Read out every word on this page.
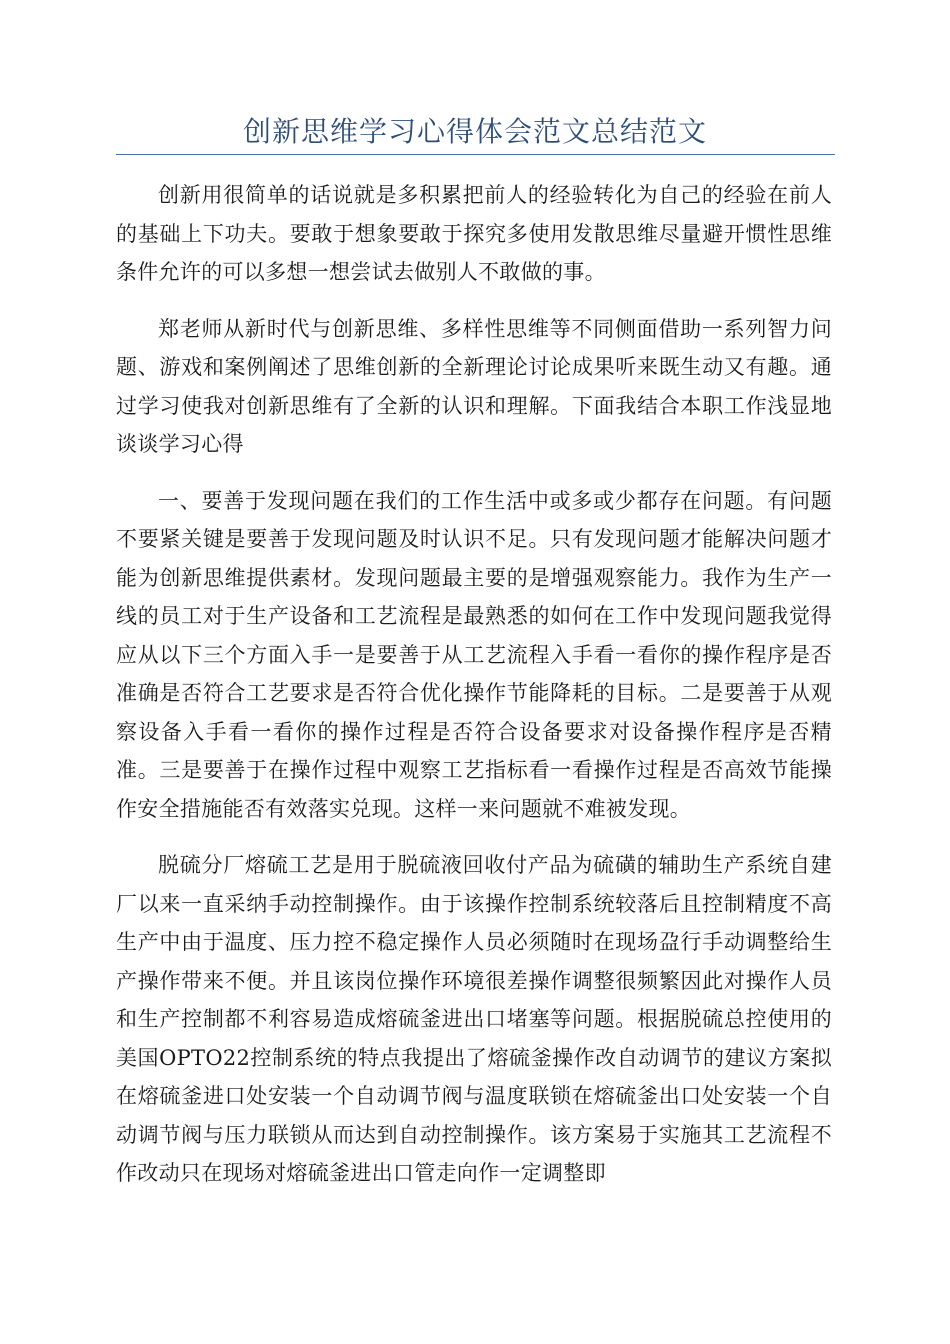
创新思维学习心得体会范文总结范文

创新用很简单的话说就是多积累把前人的经验转化为自己的经验在前人的基础上下功夫。要敢于想象要敢于探究多使用发散思维尽量避开惯性思维条件允许的可以多想一想尝试去做别人不敢做的事。

郑老师从新时代与创新思维、多样性思维等不同侧面借助一系列智力问题、游戏和案例阐述了思维创新的全新理论讨论成果听来既生动又有趣。通过学习使我对创新思维有了全新的认识和理解。下面我结合本职工作浅显地谈谈学习心得

一、要善于发现问题在我们的工作生活中或多或少都存在问题。有问题不要紧关键是要善于发现问题及时认识不足。只有发现问题才能解决问题才能为创新思维提供素材。发现问题最主要的是增强观察能力。我作为生产一线的员工对于生产设备和工艺流程是最熟悉的如何在工作中发现问题我觉得应从以下三个方面入手一是要善于从工艺流程入手看一看你的操作程序是否准确是否符合工艺要求是否符合优化操作节能降耗的目标。二是要善于从观察设备入手看一看你的操作过程是否符合设备要求对设备操作程序是否精准。三是要善于在操作过程中观察工艺指标看一看操作过程是否高效节能操作安全措施能否有效落实兑现。这样一来问题就不难被发现。

脱硫分厂熔硫工艺是用于脱硫液回收付产品为硫磺的辅助生产系统自建厂以来一直采纳手动控制操作。由于该操作控制系统较落后且控制精度不高生产中由于温度、压力控不稳定操作人员必须随时在现场盁行手动调整给生产操作带来不便。并且该岗位操作环境很差操作调整很频繁因此对操作人员和生产控制都不利容易造成熔硫釜进出口堵塞等问题。根据脱硫总控使用的美国OPTO22控制系统的特点我提出了熔硫釜操作改自动调节的建议方案拟在熔硫釜进口处安装一个自动调节阀与温度联锁在熔硫釜出口处安装一个自动调节阀与压力联锁从而达到自动控制操作。该方案易于实施其工艺流程不作改动只在现场对熔硫釜进出口管走向作一定调整即
